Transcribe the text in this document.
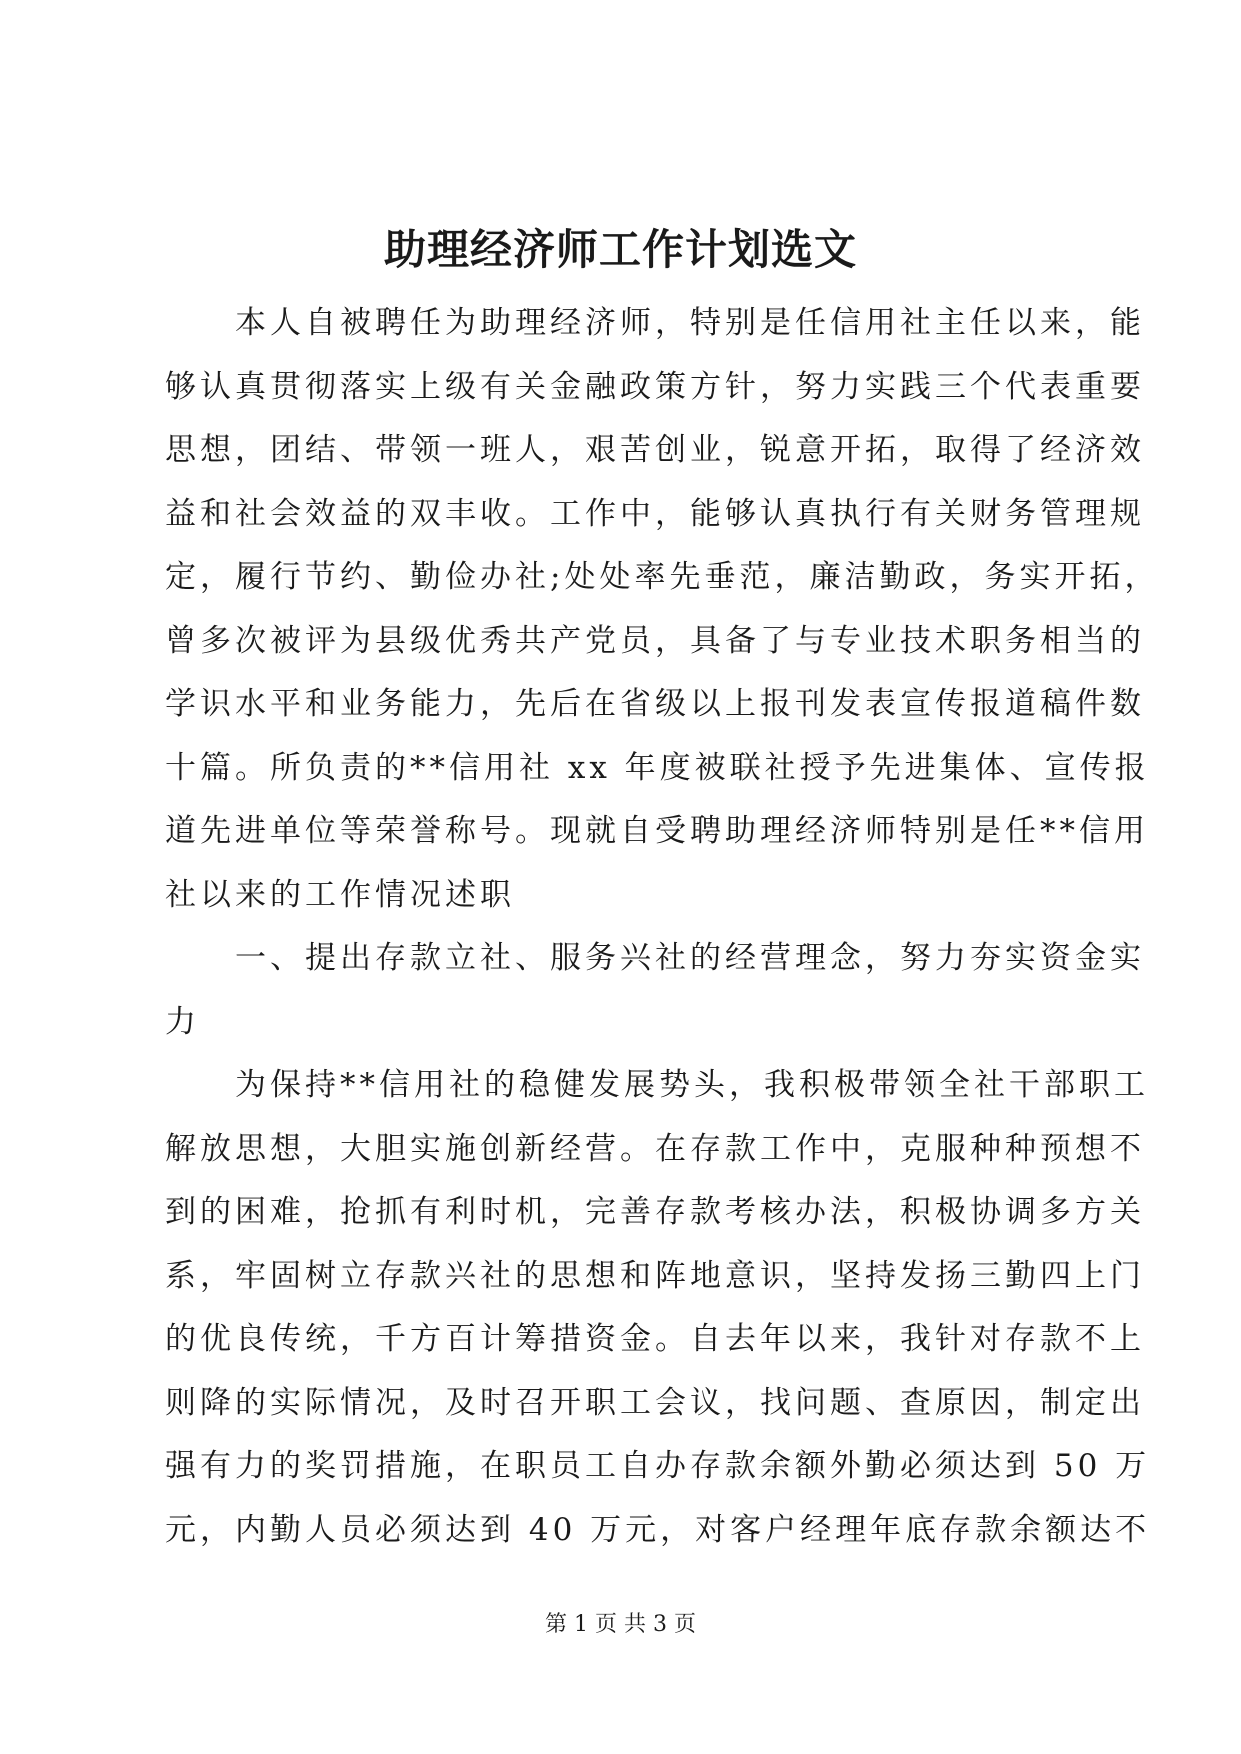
助理经济师工作计划选文
　　本人自被聘任为助理经济师，特别是任信用社主任以来，能
够认真贯彻落实上级有关金融政策方针，努力实践三个代表重要
思想，团结、带领一班人，艰苦创业，锐意开拓，取得了经济效
益和社会效益的双丰收。工作中，能够认真执行有关财务管理规
定，履行节约、勤俭办社;处处率先垂范，廉洁勤政，务实开拓，
曾多次被评为县级优秀共产党员，具备了与专业技术职务相当的
学识水平和业务能力，先后在省级以上报刊发表宣传报道稿件数
十篇。所负责的**信用社 xx 年度被联社授予先进集体、宣传报
道先进单位等荣誉称号。现就自受聘助理经济师特别是任**信用
社以来的工作情况述职
　　一、提出存款立社、服务兴社的经营理念，努力夯实资金实
力
　　为保持**信用社的稳健发展势头，我积极带领全社干部职工
解放思想，大胆实施创新经营。在存款工作中，克服种种预想不
到的困难，抢抓有利时机，完善存款考核办法，积极协调多方关
系，牢固树立存款兴社的思想和阵地意识，坚持发扬三勤四上门
的优良传统，千方百计筹措资金。自去年以来，我针对存款不上
则降的实际情况，及时召开职工会议，找问题、查原因，制定出
强有力的奖罚措施，在职员工自办存款余额外勤必须达到 50 万
元，内勤人员必须达到 40 万元，对客户经理年底存款余额达不
第 1 页 共 3 页
